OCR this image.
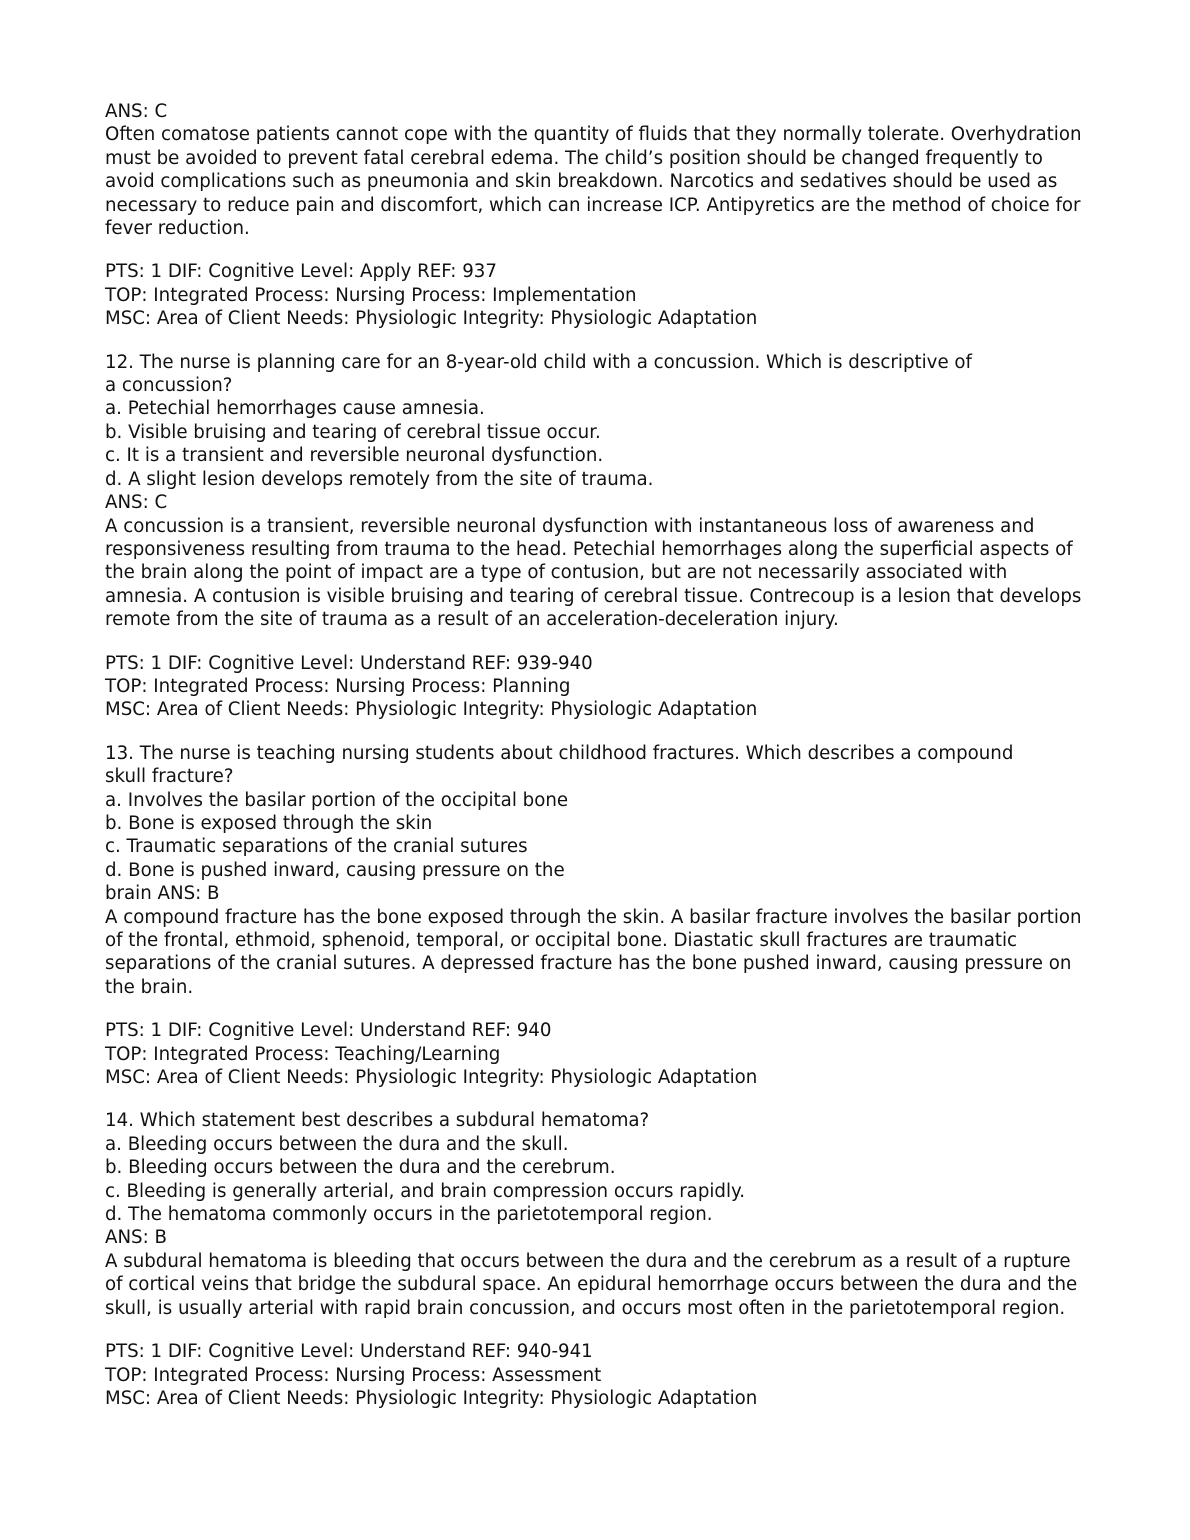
ANS: C
Often comatose patients cannot cope with the quantity of fluids that they normally tolerate. Overhydration must be avoided to prevent fatal cerebral edema. The child’s position should be changed frequently to avoid complications such as pneumonia and skin breakdown. Narcotics and sedatives should be used as necessary to reduce pain and discomfort, which can increase ICP. Antipyretics are the method of choice for fever reduction.
PTS: 1 DIF: Cognitive Level: Apply REF: 937
TOP: Integrated Process: Nursing Process: Implementation
MSC: Area of Client Needs: Physiologic Integrity: Physiologic Adaptation
12. The nurse is planning care for an 8-year-old child with a concussion. Which is descriptive of
a concussion?
a. Petechial hemorrhages cause amnesia.
b. Visible bruising and tearing of cerebral tissue occur.
c. It is a transient and reversible neuronal dysfunction.
d. A slight lesion develops remotely from the site of trauma.
ANS: C
A concussion is a transient, reversible neuronal dysfunction with instantaneous loss of awareness and responsiveness resulting from trauma to the head. Petechial hemorrhages along the superficial aspects of the brain along the point of impact are a type of contusion, but are not necessarily associated with amnesia. A contusion is visible bruising and tearing of cerebral tissue. Contrecoup is a lesion that develops remote from the site of trauma as a result of an acceleration-deceleration injury.
PTS: 1 DIF: Cognitive Level: Understand REF: 939-940
TOP: Integrated Process: Nursing Process: Planning
MSC: Area of Client Needs: Physiologic Integrity: Physiologic Adaptation
13. The nurse is teaching nursing students about childhood fractures. Which describes a compound
skull fracture?
a. Involves the basilar portion of the occipital bone
b. Bone is exposed through the skin
c. Traumatic separations of the cranial sutures
d. Bone is pushed inward, causing pressure on the
brain ANS: B
A compound fracture has the bone exposed through the skin. A basilar fracture involves the basilar portion of the frontal, ethmoid, sphenoid, temporal, or occipital bone. Diastatic skull fractures are traumatic separations of the cranial sutures. A depressed fracture has the bone pushed inward, causing pressure on the brain.
PTS: 1 DIF: Cognitive Level: Understand REF: 940
TOP: Integrated Process: Teaching/Learning
MSC: Area of Client Needs: Physiologic Integrity: Physiologic Adaptation
14. Which statement best describes a subdural hematoma?
a. Bleeding occurs between the dura and the skull.
b. Bleeding occurs between the dura and the cerebrum.
c. Bleeding is generally arterial, and brain compression occurs rapidly.
d. The hematoma commonly occurs in the parietotemporal region.
ANS: B
A subdural hematoma is bleeding that occurs between the dura and the cerebrum as a result of a rupture of cortical veins that bridge the subdural space. An epidural hemorrhage occurs between the dura and the skull, is usually arterial with rapid brain concussion, and occurs most often in the parietotemporal region.
PTS: 1 DIF: Cognitive Level: Understand REF: 940-941
TOP: Integrated Process: Nursing Process: Assessment
MSC: Area of Client Needs: Physiologic Integrity: Physiologic Adaptation
